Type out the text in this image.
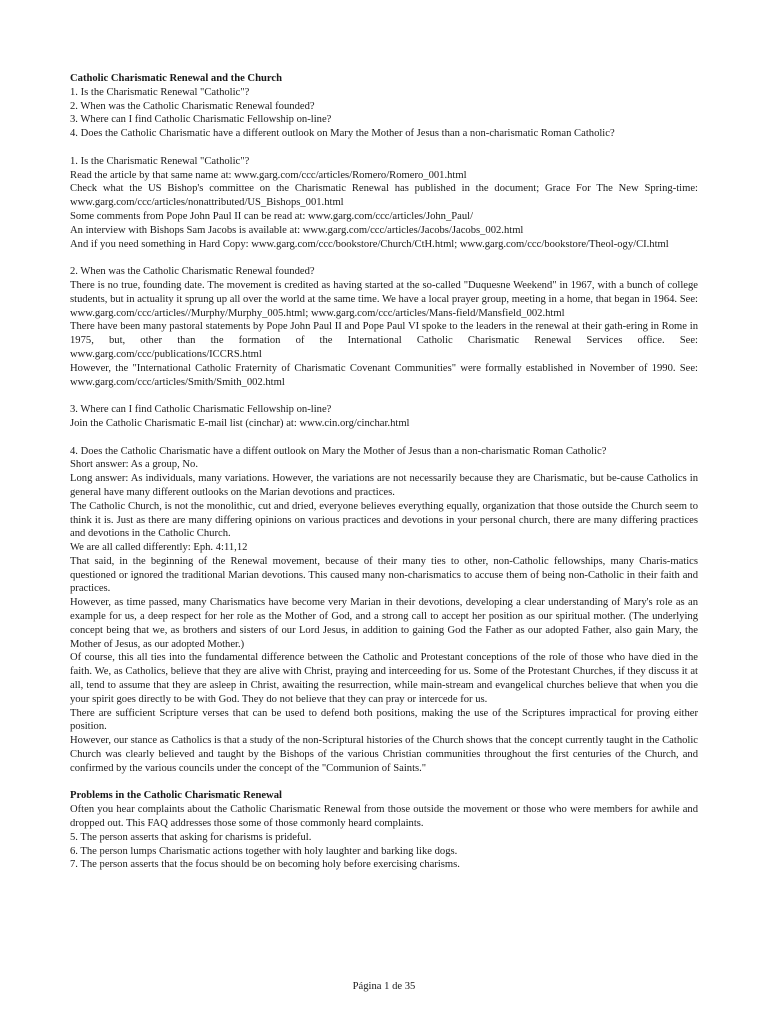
Catholic Charismatic Renewal and the Church

1. Is the Charismatic Renewal "Catholic"?

2. When was the Catholic Charismatic Renewal founded?

3. Where can I find Catholic Charismatic Fellowship on-line?

4. Does the Catholic Charismatic have a different outlook on Mary the Mother of Jesus than a non-charismatic Roman Catholic?

1. Is the Charismatic Renewal "Catholic"?

Read the article by that same name at: www.garg.com/ccc/articles/Romero/Romero_001.html

Check what the US Bishop's committee on the Charismatic Renewal has published in the document; Grace For The New Spring-time: www.garg.com/ccc/articles/nonattributed/US_Bishops_001.html

Some comments from Pope John Paul II can be read at: www.garg.com/ccc/articles/John_Paul/

An interview with Bishops Sam Jacobs is available at: www.garg.com/ccc/articles/Jacobs/Jacobs_002.html

And if you need something in Hard Copy: www.garg.com/ccc/bookstore/Church/CtH.html; www.garg.com/ccc/bookstore/Theol-ogy/CI.html

2. When was the Catholic Charismatic Renewal founded?

There is no true, founding date. The movement is credited as having started at the so-called "Duquesne Weekend" in 1967, with a bunch of college students, but in actuality it sprung up all over the world at the same time. We have a local prayer group, meeting in a home, that began in 1964. See: www.garg.com/ccc/articles//Murphy/Murphy_005.html; www.garg.com/ccc/articles/Mans-field/Mansfield_002.html

There have been many pastoral statements by Pope John Paul II and Pope Paul VI spoke to the leaders in the renewal at their gath-ering in Rome in 1975, but, other than the formation of the International Catholic Charismatic Renewal Services office. See: www.garg.com/ccc/publications/ICCRS.html

However, the "International Catholic Fraternity of Charismatic Covenant Communities" were formally established in November of 1990. See: www.garg.com/ccc/articles/Smith/Smith_002.html

3. Where can I find Catholic Charismatic Fellowship on-line?

Join the Catholic Charismatic E-mail list (cinchar) at: www.cin.org/cinchar.html

4. Does the Catholic Charismatic have a diffent outlook on Mary the Mother of Jesus than a non-charismatic Roman Catholic?

Short answer: As a group, No.

Long answer: As individuals, many variations. However, the variations are not necessarily because they are Charismatic, but be-cause Catholics in general have many different outlooks on the Marian devotions and practices.

The Catholic Church, is not the monolithic, cut and dried, everyone believes everything equally, organization that those outside the Church seem to think it is. Just as there are many differing opinions on various practices and devotions in your personal church, there are many differing practices and devotions in the Catholic Church.

We are all called differently: Eph. 4:11,12

That said, in the beginning of the Renewal movement, because of their many ties to other, non-Catholic fellowships, many Charis-matics questioned or ignored the traditional Marian devotions. This caused many non-charismatics to accuse them of being non-Catholic in their faith and practices.

However, as time passed, many Charismatics have become very Marian in their devotions, developing a clear understanding of Mary's role as an example for us, a deep respect for her role as the Mother of God, and a strong call to accept her position as our spiritual mother. (The underlying concept being that we, as brothers and sisters of our Lord Jesus, in addition to gaining God the Father as our adopted Father, also gain Mary, the Mother of Jesus, as our adopted Mother.)

Of course, this all ties into the fundamental difference between the Catholic and Protestant conceptions of the role of those who have died in the faith. We, as Catholics, believe that they are alive with Christ, praying and interceeding for us. Some of the Protestant Churches, if they discuss it at all, tend to assume that they are asleep in Christ, awaiting the resurrection, while main-stream and evangelical churches believe that when you die your spirit goes directly to be with God. They do not believe that they can pray or intercede for us.

There are sufficient Scripture verses that can be used to defend both positions, making the use of the Scriptures impractical for proving either position.

However, our stance as Catholics is that a study of the non-Scriptural histories of the Church shows that the concept currently taught in the Catholic Church was clearly believed and taught by the Bishops of the various Christian communities throughout the first centuries of the Church, and confirmed by the various councils under the concept of the "Communion of Saints."

Problems in the Catholic Charismatic Renewal

Often you hear complaints about the Catholic Charismatic Renewal from those outside the movement or those who were members for awhile and dropped out. This FAQ addresses those some of those commonly heard complaints.

5. The person asserts that asking for charisms is prideful.

6. The person lumps Charismatic actions together with holy laughter and barking like dogs.

7. The person asserts that the focus should be on becoming holy before exercising charisms.

Página 1 de 35
